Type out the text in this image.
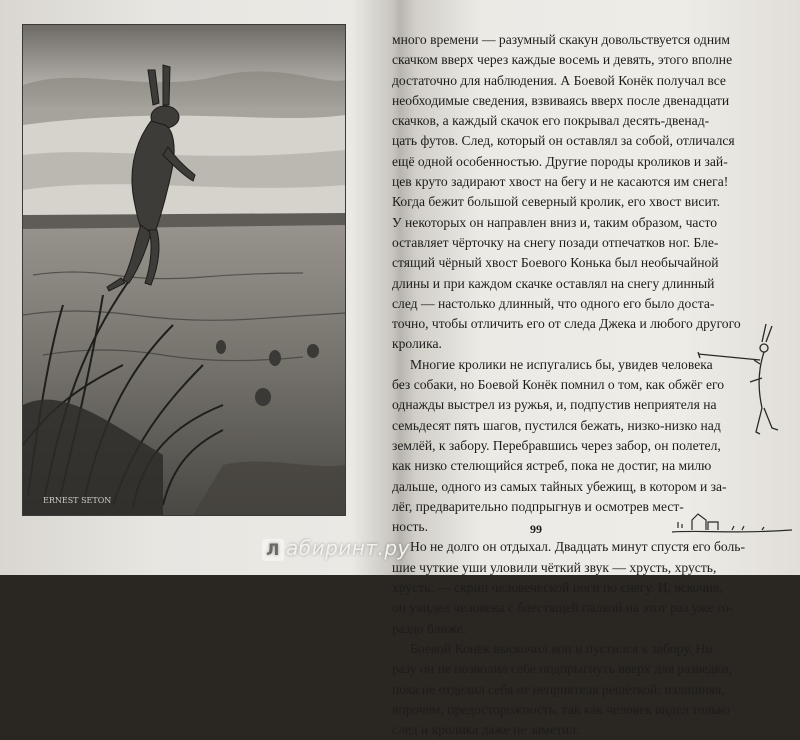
ERNEST SETON
много времени — разумный скакун довольствуется одним
скачком вверх через каждые восемь и девять, этого вполне
достаточно для наблюдения. А Боевой Конёк получал все
необходимые сведения, взвиваясь вверх после двенадцати
скачков, а каждый скачок его покрывал десять-двенад-
цать футов. След, который он оставлял за собой, отличался
ещё одной особенностью. Другие породы кроликов и зай-
цев круто задирают хвост на бегу и не касаются им снега!
Когда бежит большой северный кролик, его хвост висит.
У некоторых он направлен вниз и, таким образом, часто
оставляет чёрточку на снегу позади отпечатков ног. Бле-
стящий чёрный хвост Боевого Конька был необычайной
длины и при каждом скачке оставлял на снегу длинный
след — настолько длинный, что одного его было доста-
точно, чтобы отличить его от следа Джека и любого другого
кролика.
Многие кролики не испугались бы, увидев человека
без собаки, но Боевой Конёк помнил о том, как обжёг его
однажды выстрел из ружья, и, подпустив неприятеля на
семьдесят пять шагов, пустился бежать, низко-низко над
землёй, к забору. Перебравшись через забор, он полетел,
как низко стелющийся ястреб, пока не достиг, на милю
дальше, одного из самых тайных убежищ, в котором и за-
лёг, предварительно подпрыгнув и осмотрев мест-
ность.
Но не долго он отдыхал. Двадцать минут спустя его боль-
шие чуткие уши уловили чёткий звук — хрусть, хрусть,
хрусть, — скрип человеческой ноги по снегу. И, вскочив,
он увидел человека с блестящей палкой на этот раз уже го-
раздо ближе.
Боевой Конёк выскочил вон и пустился к забору. Ни
разу он не позволил себе подпрыгнуть вверх для разведки,
пока не отделил себя от неприятеля решёткой: излишняя,
впрочем, предосторожность, так как человек видел только
след и кролика даже не заметил.
99
Л абиринт.ру
